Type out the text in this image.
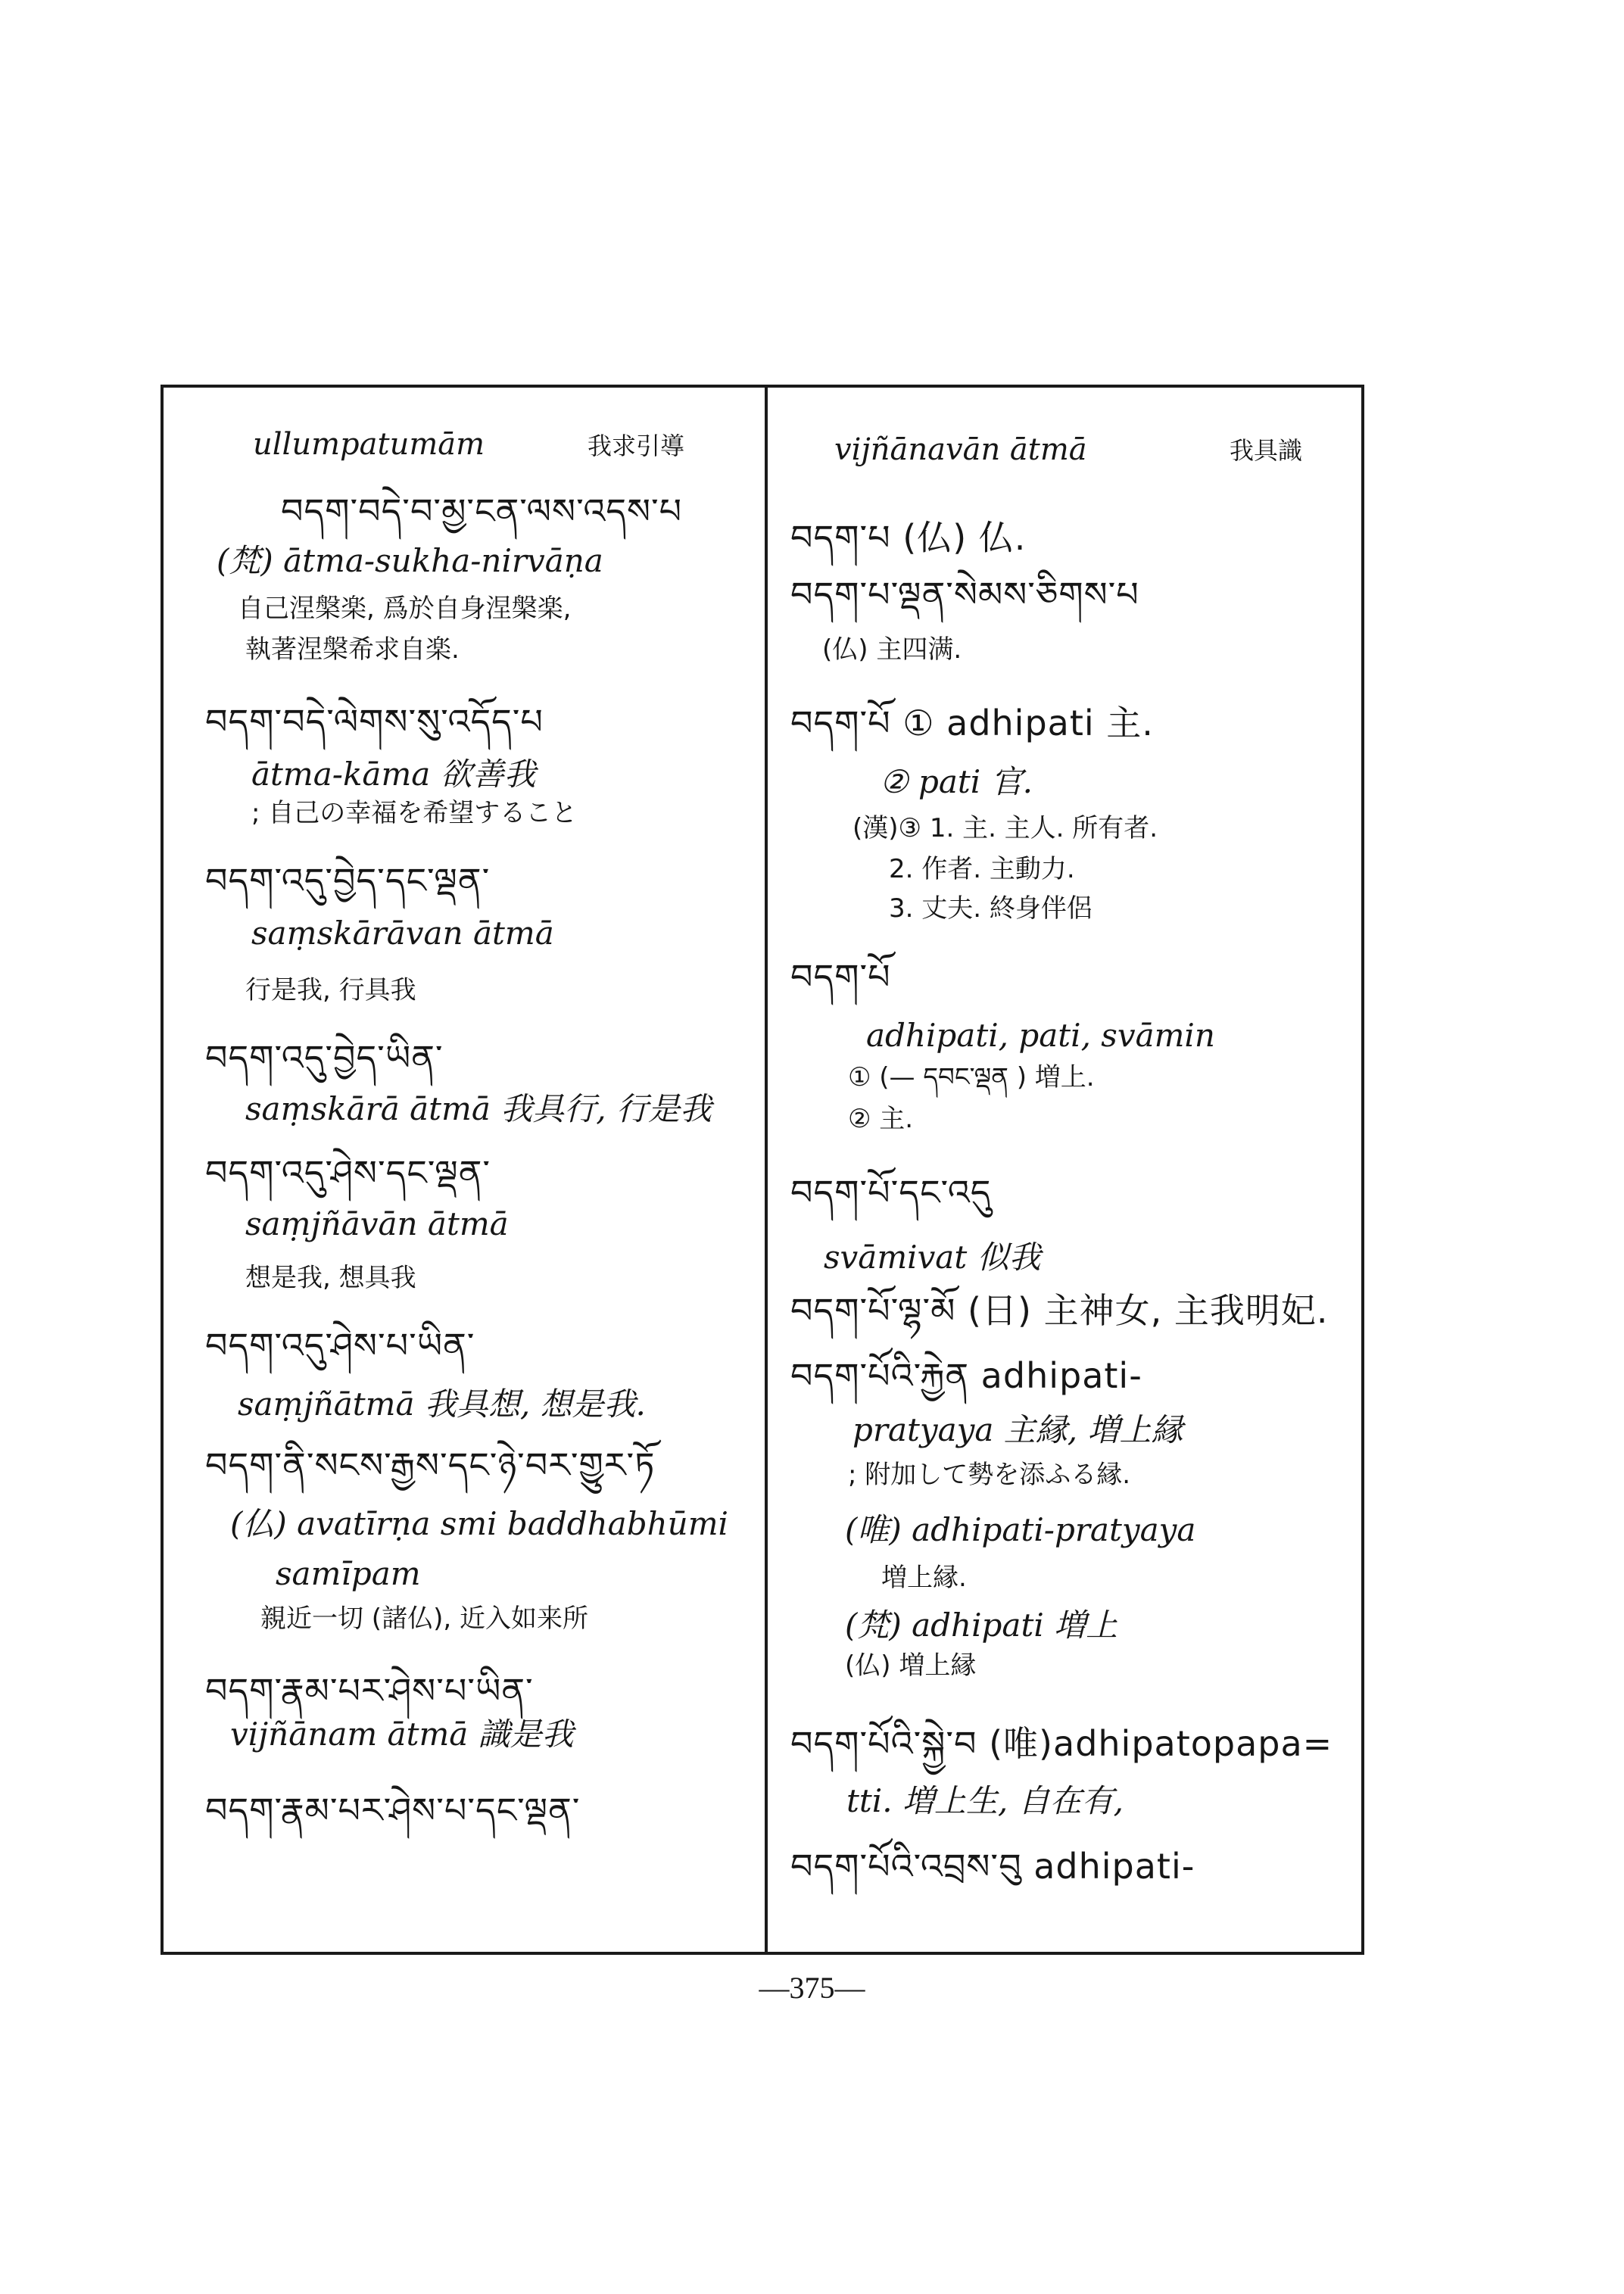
ullumpatumām	我求引導
བདག་བདེ་བ་མྱ་ངན་ལས་འདས་པ
(梵) ātma-sukha-nirvāṇa
自己涅槃楽, 爲於自身涅槃楽,
執著涅槃希求自楽.
བདག་བདེ་ལེགས་སུ་འདོད་པ
ātma-kāma 欲善我
; 自己の幸福を希望すること
བདག་འདུ་བྱེད་དང་ལྡན་
saṃskārāvan ātmā
行是我, 行具我
བདག་འདུ་བྱེད་ཡིན་
saṃskārā ātmā 我具行, 行是我
བདག་འདུ་ཤེས་དང་ལྡན་
saṃjñāvān ātmā
想是我, 想具我
བདག་འདུ་ཤེས་པ་ཡིན་
saṃjñātmā 我具想, 想是我.
བདག་ནི་སངས་རྒྱས་དང་ཉེ་བར་གྱུར་ཏོ
(仏) avatīrṇa smi baddhabhūmi
samīpam
親近一切 (諸仏), 近入如来所
བདག་རྣམ་པར་ཤེས་པ་ཡིན་
vijñānam ātmā 識是我
བདག་རྣམ་པར་ཤེས་པ་དང་ལྡན་
vijñānavān ātmā	我具識
བདག་པ (仏) 仏.
བདག་པ་ལྡན་སེམས་ཅིགས་པ
(仏) 主四满.
བདག་པོ ① adhipati 主.
② pati 官.
(漢)③ 1. 主. 主人. 所有者.
2. 作者. 主動力.
3. 丈夫. 終身伴侶
བདག་པོ
adhipati, pati, svāmin
① (— དབང་ལྡན ) 増上.
② 主.
བདག་པོ་དང་འདུ
svāmivat 似我
བདག་པོ་ལྷ་མོ (日) 主神女, 主我明妃.
བདག་པོའི་རྐྱེན adhipati-
pratyaya 主縁, 増上縁
; 附加して勢を添ふる縁.
(唯) adhipati-pratyaya
増上縁.
(梵) adhipati 増上
(仏) 増上縁
བདག་པོའི་སྐྱེ་བ (唯)adhipatopapa=
tti. 増上生, 自在有,
བདག་པོའི་འབྲས་བུ adhipati-
—375—
